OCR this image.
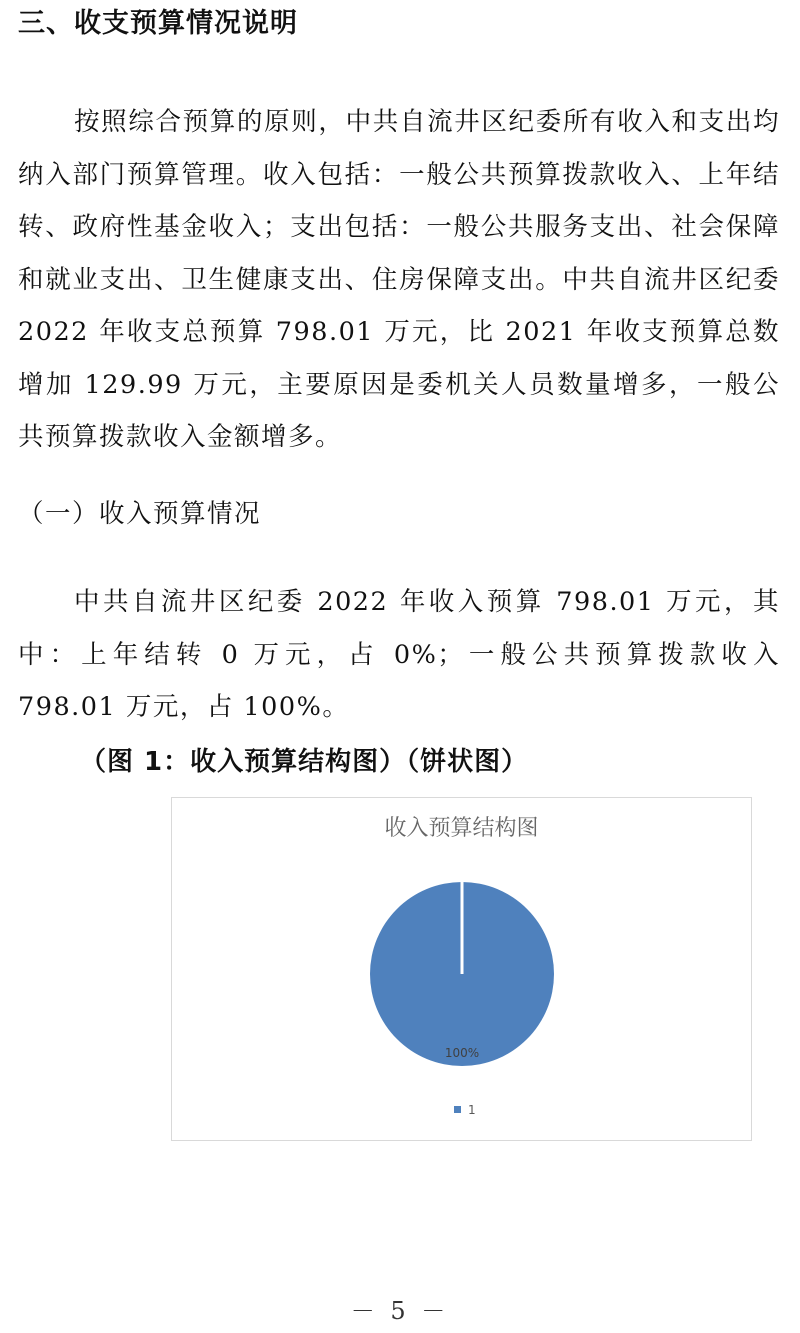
三、收支预算情况说明

按照综合预算的原则，中共自流井区纪委所有收入和支出均纳入部门预算管理。收入包括：一般公共预算拨款收入、上年结转、政府性基金收入；支出包括：一般公共服务支出、社会保障和就业支出、卫生健康支出、住房保障支出。中共自流井区纪委 2022 年收支总预算 798.01 万元，比 2021 年收支预算总数增加 129.99 万元，主要原因是委机关人员数量增多，一般公共预算拨款收入金额增多。

（一）收入预算情况

中共自流井区纪委 2022 年收入预算 798.01 万元，其中：上年结转 0 万元，占 0%；一般公共预算拨款收入 798.01 万元，占 100%。

（图 1：收入预算结构图）（饼状图）

收入预算结构图
100%
1

－ 5 －
